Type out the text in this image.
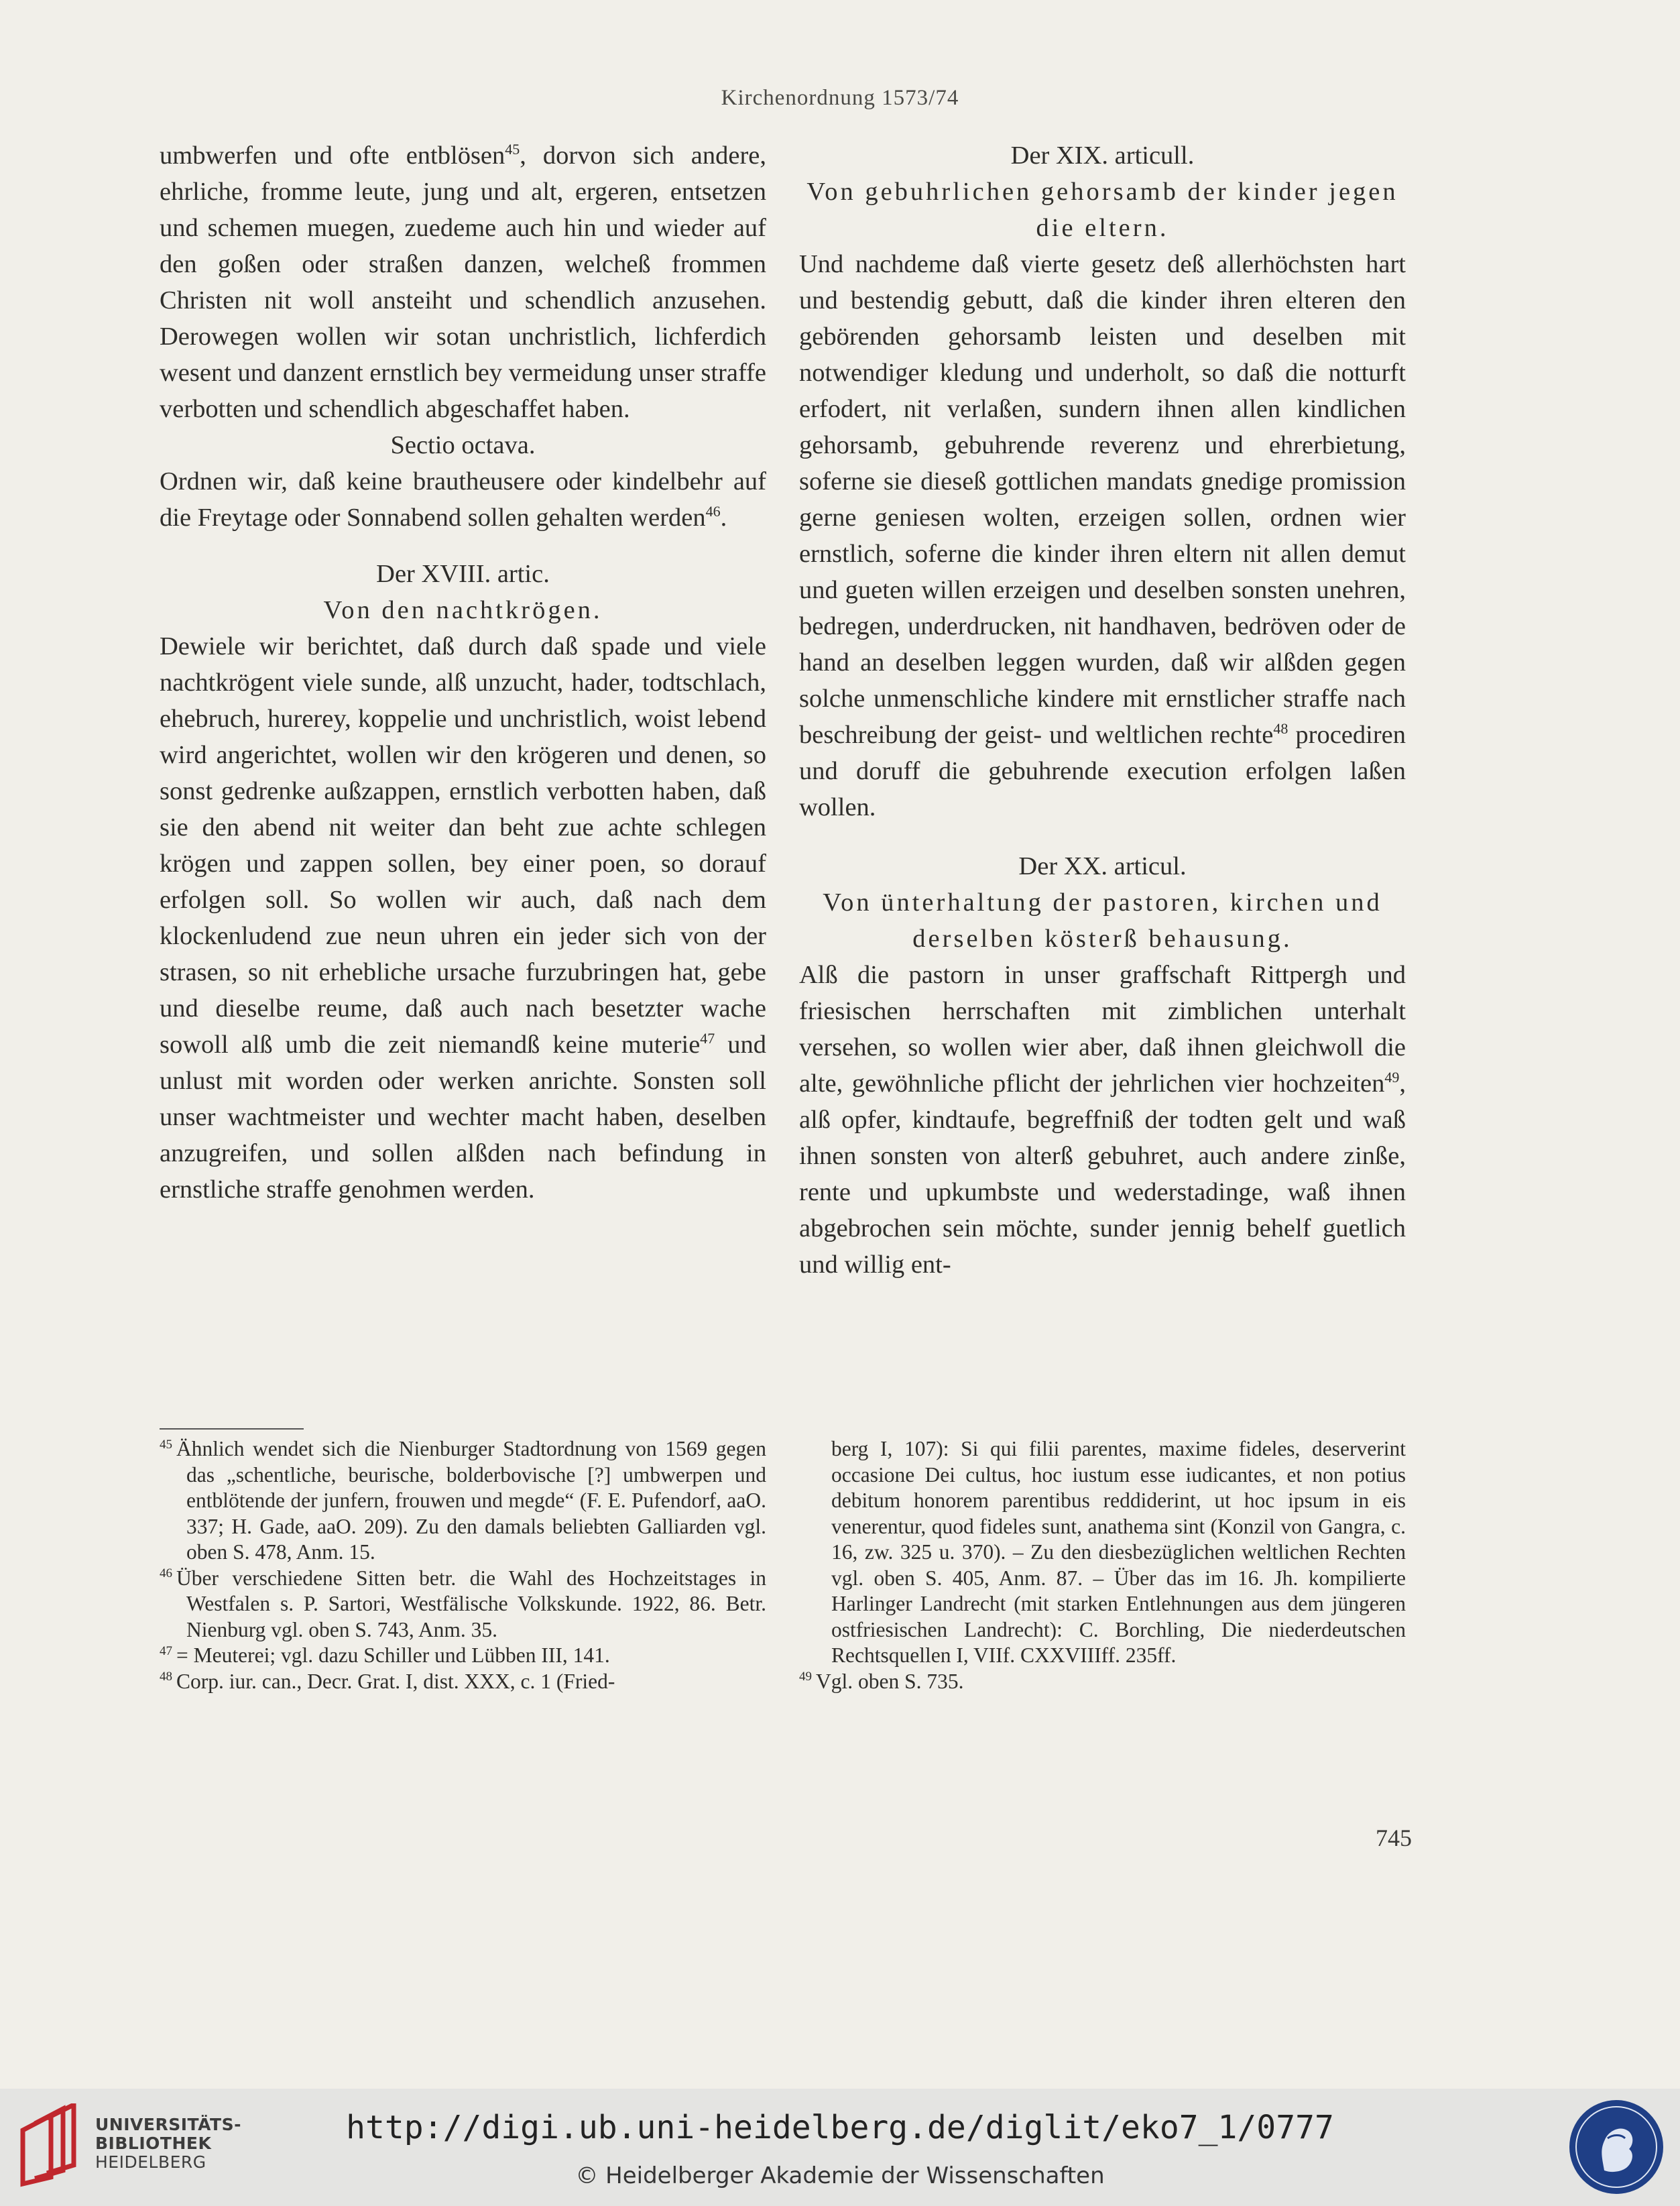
Kirchenordnung 1573/74

umbwerfen und ofte entblösen$^{45}$, dorvon sich andere, ehrliche, fromme leute, jung und alt, ergeren, entsetzen und schemen muegen, zuedeme auch hin und wieder auf den goßen oder straßen danzen, welcheß frommen Christen nit woll ansteiht und schendlich anzusehen. Derowegen wollen wir sotan unchristlich, lichferdich wesent und danzent ernstlich bey vermeidung unser straffe verbotten und schendlich abgeschaffet haben.

Sectio octava.

Ordnen wir, daß keine brautheusere oder kindelbehr auf die Freytage oder Sonnabend sollen gehalten werden$^{46}$.

Der XVIII. artic.

Von den nachtkrögen.

Dewiele wir berichtet, daß durch daß spade und viele nachtkrögent viele sunde, alß unzucht, hader, todtschlach, ehebruch, hurerey, koppelie und unchristlich, woist lebend wird angerichtet, wollen wir den krögeren und denen, so sonst gedrenke außzappen, ernstlich verbotten haben, daß sie den abend nit weiter dan beht zue achte schlegen krögen und zappen sollen, bey einer poen, so dorauf erfolgen soll. So wollen wir auch, daß nach dem klockenludend zue neun uhren ein jeder sich von der strasen, so nit erhebliche ursache furzubringen hat, gebe und dieselbe reume, daß auch nach besetzter wache sowoll alß umb die zeit niemandß keine muterie$^{47}$ und unlust mit worden oder werken anrichte. Sonsten soll unser wachtmeister und wechter macht haben, deselben anzugreifen, und sollen alßden nach befindung in ernstliche straffe genohmen werden.

Der XIX. articull.

Von gebuhrlichen gehorsamb der kinder jegen die eltern.

Und nachdeme daß vierte gesetz deß allerhöchsten hart und bestendig gebutt, daß die kinder ihren elteren den gebörenden gehorsamb leisten und deselben mit notwendiger kledung und underholt, so daß die notturft erfodert, nit verlaßen, sundern ihnen allen kindlichen gehorsamb, gebuhrende reverenz und ehrerbietung, soferne sie dieseß gottlichen mandats gnedige promission gerne geniesen wolten, erzeigen sollen, ordnen wier ernstlich, soferne die kinder ihren eltern nit allen demut und gueten willen erzeigen und deselben sonsten unehren, bedregen, underdrucken, nit handhaven, bedröven oder de hand an deselben leggen wurden, daß wir alßden gegen solche unmenschliche kindere mit ernstlicher straffe nach beschreibung der geist- und weltlichen rechte$^{48}$ procediren und doruff die gebuhrende execution erfolgen laßen wollen.

Der XX. articul.

Von ünterhaltung der pastoren, kirchen und derselben kösterß behausung.

Alß die pastorn in unser graffschaft Rittpergh und friesischen herrschaften mit zimblichen unterhalt versehen, so wollen wier aber, daß ihnen gleichwoll die alte, gewöhnliche pflicht der jehrlichen vier hochzeiten$^{49}$, alß opfer, kindtaufe, begreffniß der todten gelt und waß ihnen sonsten von alterß gebuhret, auch andere zinße, rente und upkumbste und wederstadinge, waß ihnen abgebrochen sein möchte, sunder jennig behelf guetlich und willig ent-

$^{45}$ Ähnlich wendet sich die Nienburger Stadtordnung von 1569 gegen das „schentliche, beurische, bolderbovische [?] umbwerpen und entblötende der junfern, frouwen und megde“ (F. E. Pufendorf, aaO. 337; H. Gade, aaO. 209). Zu den damals beliebten Galliarden vgl. oben S. 478, Anm. 15.

$^{46}$ Über verschiedene Sitten betr. die Wahl des Hochzeitstages in Westfalen s. P. Sartori, Westfälische Volkskunde. 1922, 86. Betr. Nienburg vgl. oben S. 743, Anm. 35.

$^{47}$ = Meuterei; vgl. dazu Schiller und Lübben III, 141.

$^{48}$ Corp. iur. can., Decr. Grat. I, dist. XXX, c. 1 (Fried-

berg I, 107): Si qui filii parentes, maxime fideles, deserverint occasione Dei cultus, hoc iustum esse iudicantes, et non potius debitum honorem parentibus reddiderint, ut hoc ipsum in eis venerentur, quod fideles sunt, anathema sint (Konzil von Gangra, c. 16, zw. 325 u. 370). – Zu den diesbezüglichen weltlichen Rechten vgl. oben S. 405, Anm. 87. – Über das im 16. Jh. kompilierte Harlinger Landrecht (mit starken Entlehnungen aus dem jüngeren ostfriesischen Landrecht): C. Borchling, Die niederdeutschen Rechtsquellen I, VIIf. CXXVIIIff. 235ff.

$^{49}$ Vgl. oben S. 735.

745
UNIVERSITÄTS-
BIBLIOTHEK
HEIDELBERG
http://digi.ub.uni-heidelberg.de/diglit/eko7_1/0777
© Heidelberger Akademie der Wissenschaften
